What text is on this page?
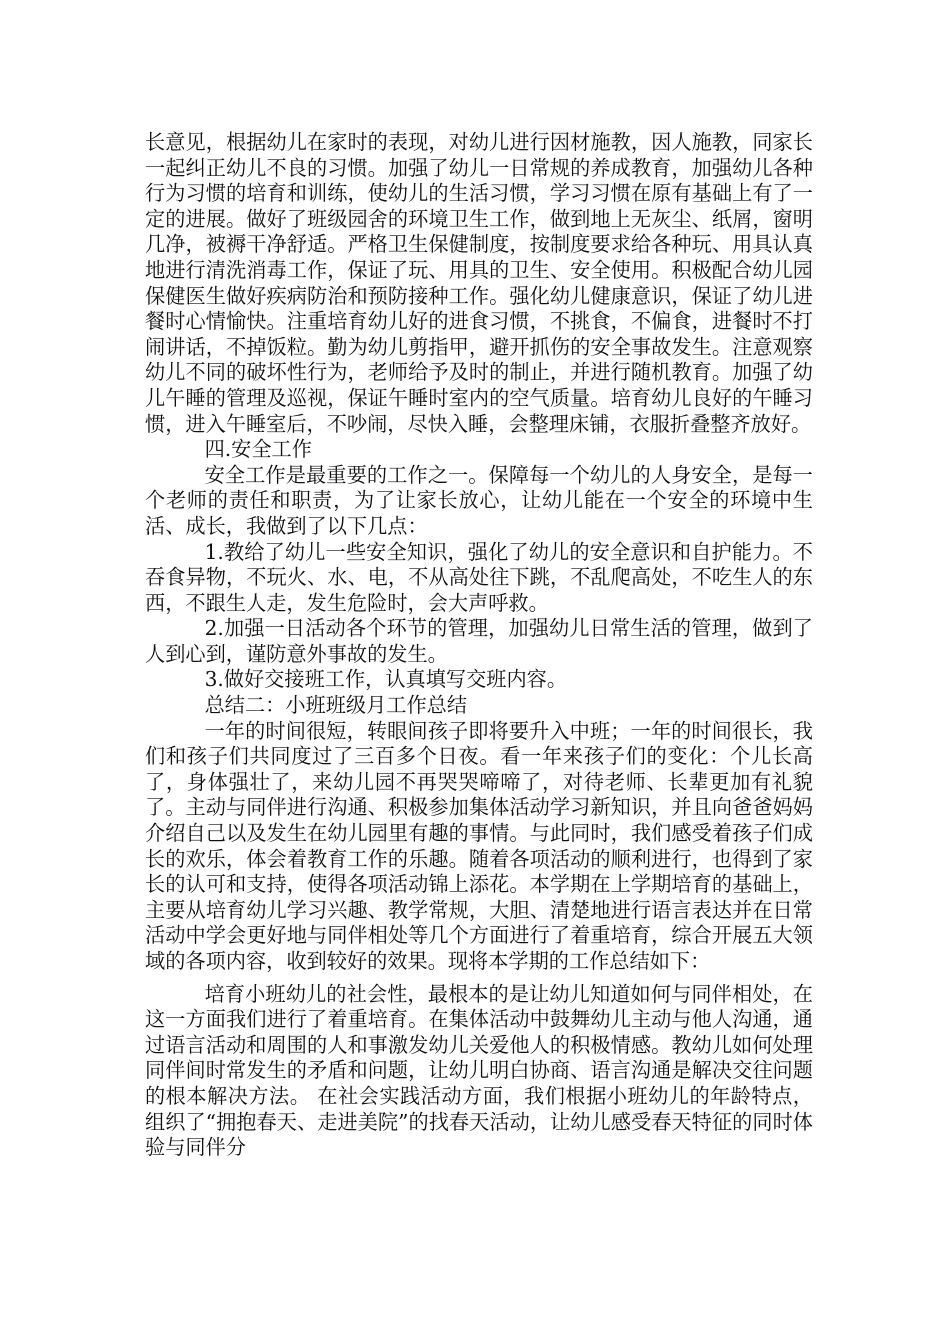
长意见，根据幼儿在家时的表现，对幼儿进行因材施教，因人施教，同家长一起纠正幼儿不良的习惯。加强了幼儿一日常规的养成教育，加强幼儿各种行为习惯的培育和训练，使幼儿的生活习惯，学习习惯在原有基础上有了一定的进展。做好了班级园舍的环境卫生工作，做到地上无灰尘、纸屑，窗明几净，被褥干净舒适。严格卫生保健制度，按制度要求给各种玩、用具认真地进行清洗消毒工作，保证了玩、用具的卫生、安全使用。积极配合幼儿园保健医生做好疾病防治和预防接种工作。强化幼儿健康意识，保证了幼儿进餐时心情愉快。注重培育幼儿好的进食习惯，不挑食，不偏食，进餐时不打闹讲话，不掉饭粒。勤为幼儿剪指甲，避开抓伤的安全事故发生。注意观察幼儿不同的破坏性行为，老师给予及时的制止，并进行随机教育。加强了幼儿午睡的管理及巡视，保证午睡时室内的空气质量。培育幼儿良好的午睡习惯，进入午睡室后，不吵闹，尽快入睡，会整理床铺，衣服折叠整齐放好。

四.安全工作

安全工作是最重要的工作之一。保障每一个幼儿的人身安全，是每一个老师的责任和职责，为了让家长放心，让幼儿能在一个安全的环境中生活、成长，我做到了以下几点：

1.教给了幼儿一些安全知识，强化了幼儿的安全意识和自护能力。不吞食异物，不玩火、水、电，不从高处往下跳，不乱爬高处，不吃生人的东西，不跟生人走，发生危险时，会大声呼救。

2.加强一日活动各个环节的管理，加强幼儿日常生活的管理，做到了人到心到，谨防意外事故的发生。

3.做好交接班工作，认真填写交班内容。

总结二：小班班级月工作总结

一年的时间很短，转眼间孩子即将要升入中班；一年的时间很长，我们和孩子们共同度过了三百多个日夜。看一年来孩子们的变化：个儿长高了，身体强壮了，来幼儿园不再哭哭啼啼了，对待老师、长辈更加有礼貌了。主动与同伴进行沟通、积极参加集体活动学习新知识，并且向爸爸妈妈介绍自己以及发生在幼儿园里有趣的事情。与此同时，我们感受着孩子们成长的欢乐，体会着教育工作的乐趣。随着各项活动的顺利进行，也得到了家长的认可和支持，使得各项活动锦上添花。本学期在上学期培育的基础上，主要从培育幼儿学习兴趣、教学常规，大胆、清楚地进行语言表达并在日常活动中学会更好地与同伴相处等几个方面进行了着重培育，综合开展五大领域的各项内容，收到较好的效果。现将本学期的工作总结如下：

培育小班幼儿的社会性，最根本的是让幼儿知道如何与同伴相处，在这一方面我们进行了着重培育。在集体活动中鼓舞幼儿主动与他人沟通，通过语言活动和周围的人和事激发幼儿关爱他人的积极情感。教幼儿如何处理同伴间时常发生的矛盾和问题，让幼儿明白协商、语言沟通是解决交往问题的根本解决方法。 在社会实践活动方面，我们根据小班幼儿的年龄特点，组织了“拥抱春天、走进美院”的找春天活动，让幼儿感受春天特征的同时体验与同伴分
